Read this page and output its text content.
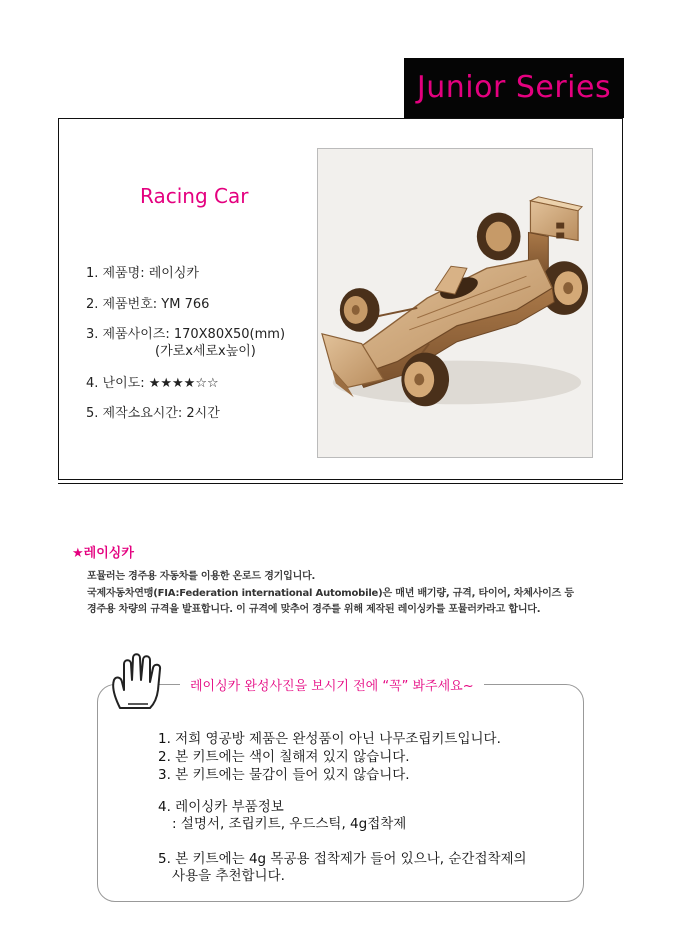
Junior Series
Racing Car
1. 제품명: 레이싱카
2. 제품번호: YM 766
3. 제품사이즈: 170X80X50(mm)
(가로x세로x높이)
4. 난이도: ★★★★☆☆
5. 제작소요시간: 2시간
★레이싱카
포뮬러는 경주용 자동차를 이용한 온로드 경기입니다.
국제자동차연맹(FIA:Federation international Automobile)은 매년 배기량, 규격, 타이어, 차체사이즈 등
경주용 차량의 규격을 발표합니다. 이 규격에 맞추어 경주를 위해 제작된 레이싱카를 포뮬러카라고 합니다.
레이싱카 완성사진을 보시기 전에 “꼭” 봐주세요~
1. 저희 영공방 제품은 완성품이 아닌 나무조립키트입니다.
2. 본 키트에는 색이 칠해져 있지 않습니다.
3. 본 키트에는 물감이 들어 있지 않습니다.
4. 레이싱카 부품정보
: 설명서, 조립키트, 우드스틱, 4g접착제
5. 본 키트에는 4g 목공용 접착제가 들어 있으나, 순간접착제의
사용을 추천합니다.
